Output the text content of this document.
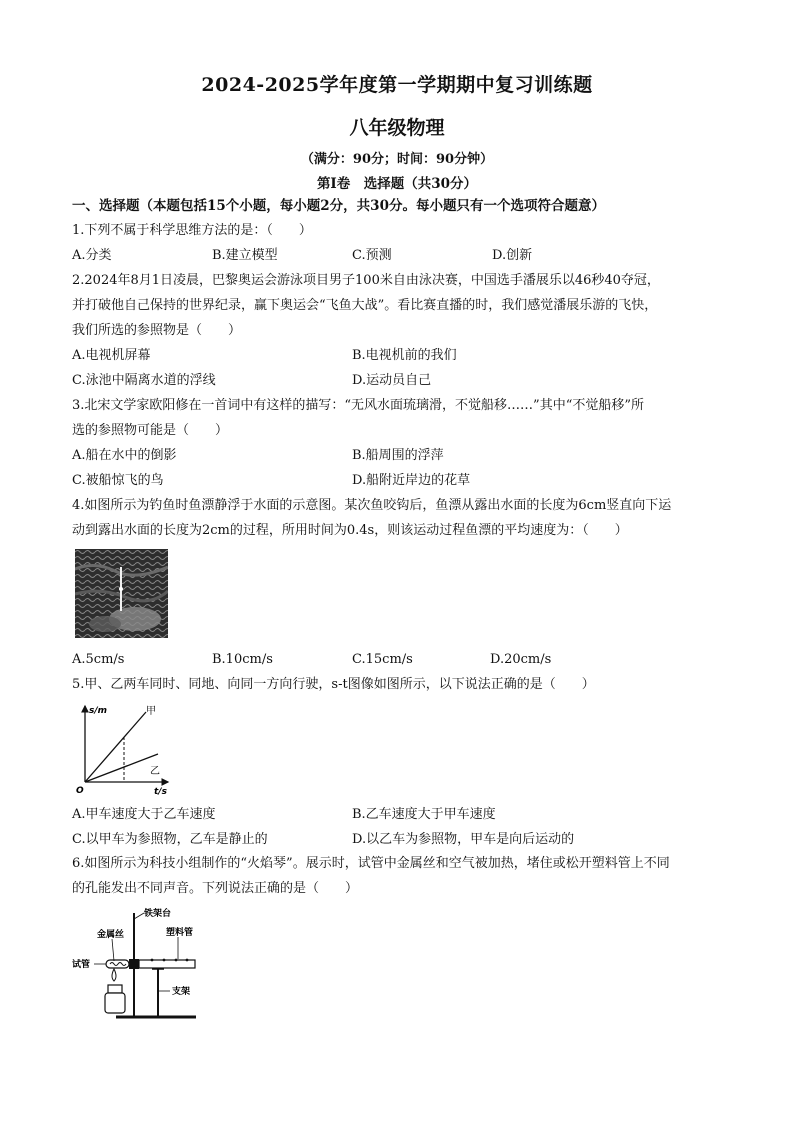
2024-2025学年度第一学期期中复习训练题
八年级物理
（满分：90分；时间：90分钟）
第Ⅰ卷　选择题（共30分）
一、选择题（本题包括15个小题，每小题2分，共30分。每小题只有一个选项符合题意）
1.下列不属于科学思维方法的是：（　　）
A.分类	B.建立模型	C.预测	D.创新
2.2024年8月1日凌晨，巴黎奥运会游泳项目男子100米自由泳决赛，中国选手潘展乐以46秒40夺冠，
并打破他自己保持的世界纪录，赢下奥运会“飞鱼大战”。看比赛直播的时，我们感觉潘展乐游的飞快，
我们所选的参照物是（　　）
A.电视机屏幕	B.电视机前的我们
C.泳池中隔离水道的浮线	D.运动员自己
3.北宋文学家欧阳修在一首词中有这样的描写：“无风水面琉璃滑，不觉船移……”其中“不觉船移”所
选的参照物可能是（　　）
A.船在水中的倒影	B.船周围的浮萍
C.被船惊飞的鸟	D.船附近岸边的花草
4.如图所示为钓鱼时鱼漂静浮于水面的示意图。某次鱼咬钩后，鱼漂从露出水面的长度为6cm竖直向下运
动到露出水面的长度为2cm的过程，所用时间为0.4s，则该运动过程鱼漂的平均速度为：（　　）
A.5cm/s	B.10cm/s	C.15cm/s	D.20cm/s
5.甲、乙两车同时、同地、向同一方向行驶，s-t图像如图所示，以下说法正确的是（　　）
s/m
t/s
O
甲
乙
A.甲车速度大于乙车速度	B.乙车速度大于甲车速度
C.以甲车为参照物，乙车是静止的	D.以乙车为参照物，甲车是向后运动的
6.如图所示为科技小组制作的“火焰琴”。展示时，试管中金属丝和空气被加热，堵住或松开塑料管上不同
的孔能发出不同声音。下列说法正确的是（　　）
铁架台
金属丝	塑料管
试管
支架
